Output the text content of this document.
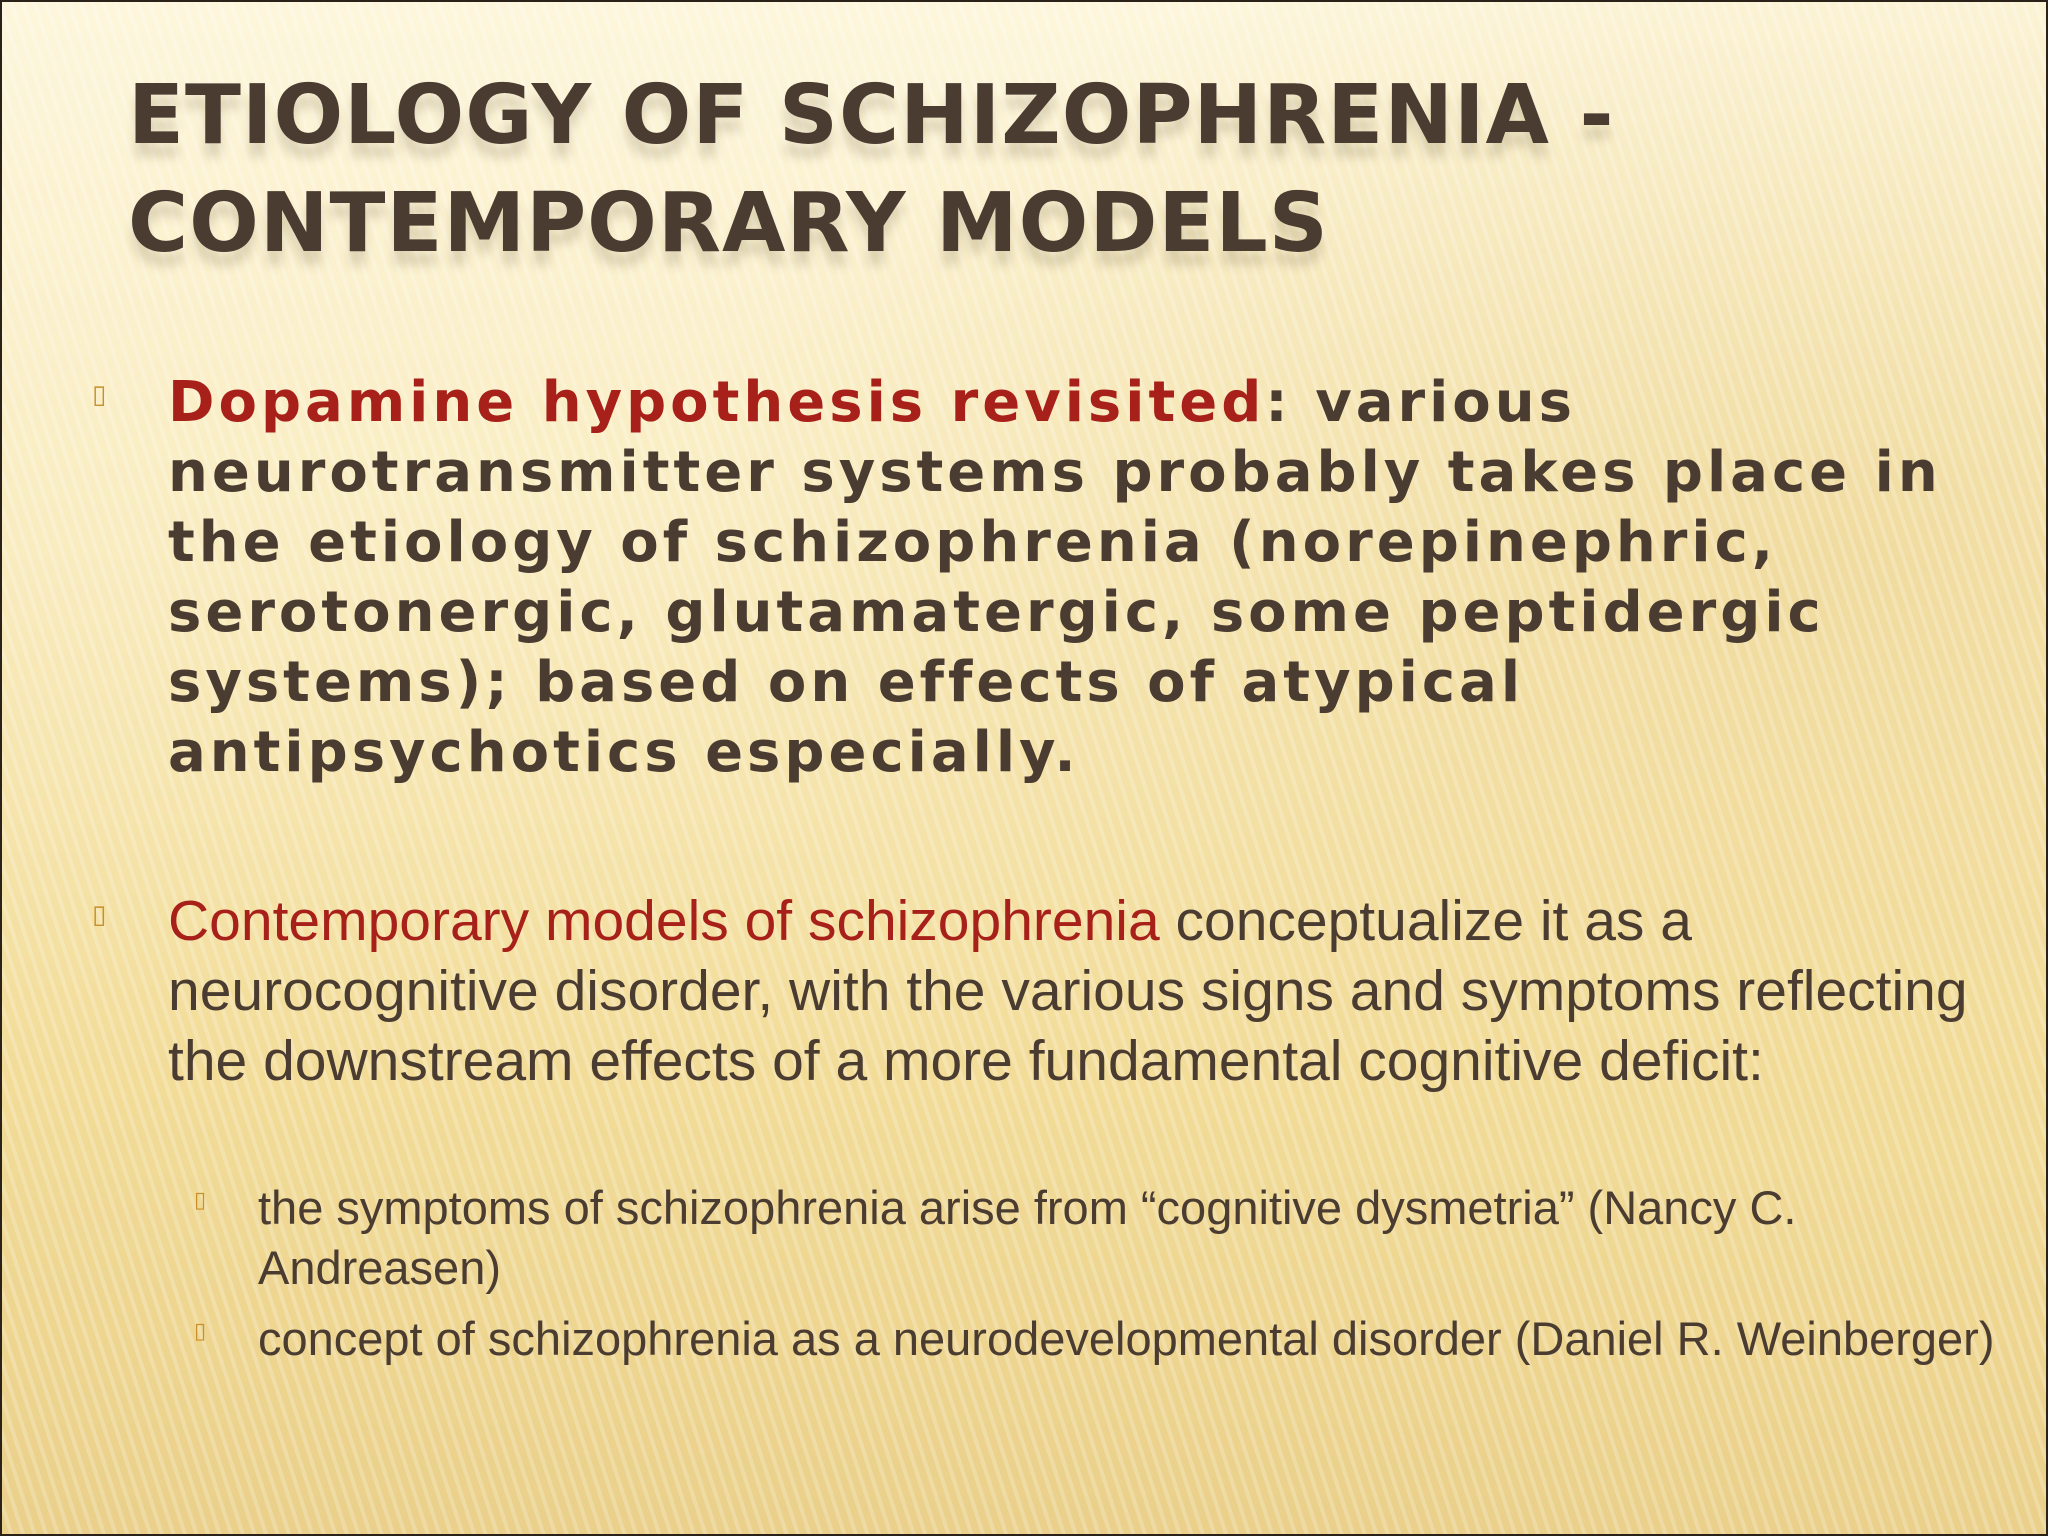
ETIOLOGY OF SCHIZOPHRENIA -
CONTEMPORARY MODELS
▯ Dopamine hypothesis revisited: various neurotransmitter systems probably takes place in the etiology of schizophrenia (norepinephric, serotonergic, glutamatergic, some peptidergic systems); based on effects of atypical antipsychotics especially.

▯ Contemporary models of schizophrenia conceptualize it as a neurocognitive disorder, with the various signs and symptoms reflecting the downstream effects of a more fundamental cognitive deficit:

▯ the symptoms of schizophrenia arise from “cognitive dysmetria” (Nancy C. Andreasen)

▯ concept of schizophrenia as a neurodevelopmental disorder (Daniel R. Weinberger)
